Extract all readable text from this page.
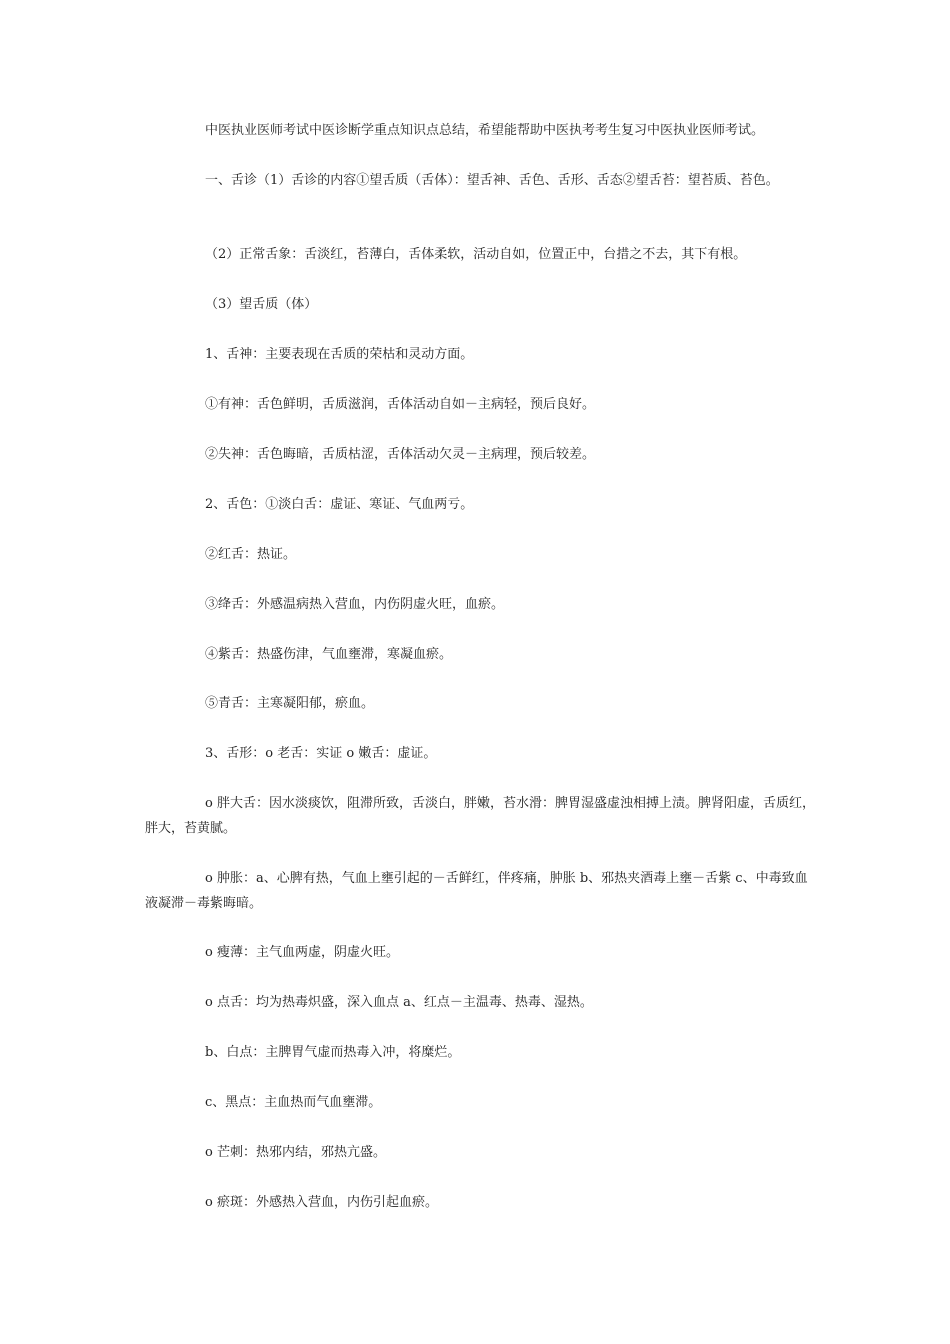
中医执业医师考试中医诊断学重点知识点总结，希望能帮助中医执考考生复习中医执业医师考试。

一、舌诊（1）舌诊的内容①望舌质（舌体）：望舌神、舌色、舌形、舌态②望舌苔：望苔质、苔色。

（2）正常舌象：舌淡红，苔薄白，舌体柔软，活动自如，位置正中，台措之不去，其下有根。

（3）望舌质（体）

1、舌神：主要表现在舌质的荣枯和灵动方面。

①有神：舌色鲜明，舌质滋润，舌体活动自如－主病轻，预后良好。

②失神：舌色晦暗，舌质枯涩，舌体活动欠灵－主病理，预后较差。

2、舌色：①淡白舌：虚证、寒证、气血两亏。

②红舌：热证。

③绛舌：外感温病热入营血，内伤阴虚火旺，血瘀。

④紫舌：热盛伤津，气血壅滞，寒凝血瘀。

⑤青舌：主寒凝阳郁，瘀血。

3、舌形：o 老舌：实证 o 嫩舌：虚证。

o 胖大舌：因水淡痰饮，阻滞所致，舌淡白，胖嫩，苔水滑：脾胃湿盛虚浊相搏上渍。脾肾阳虚，舌质红，胖大，苔黄腻。

o 肿胀：a、心脾有热，气血上壅引起的－舌鲜红，伴疼痛，肿胀 b、邪热夹酒毒上壅－舌紫 c、中毒致血液凝滞－毒紫晦暗。

o 瘦薄：主气血两虚，阴虚火旺。

o 点舌：均为热毒炽盛，深入血点 a、红点－主温毒、热毒、湿热。

b、白点：主脾胃气虚而热毒入冲，将糜烂。

c、黑点：主血热而气血壅滞。

o 芒刺：热邪内结，邪热亢盛。

o 瘀斑：外感热入营血，内伤引起血瘀。
